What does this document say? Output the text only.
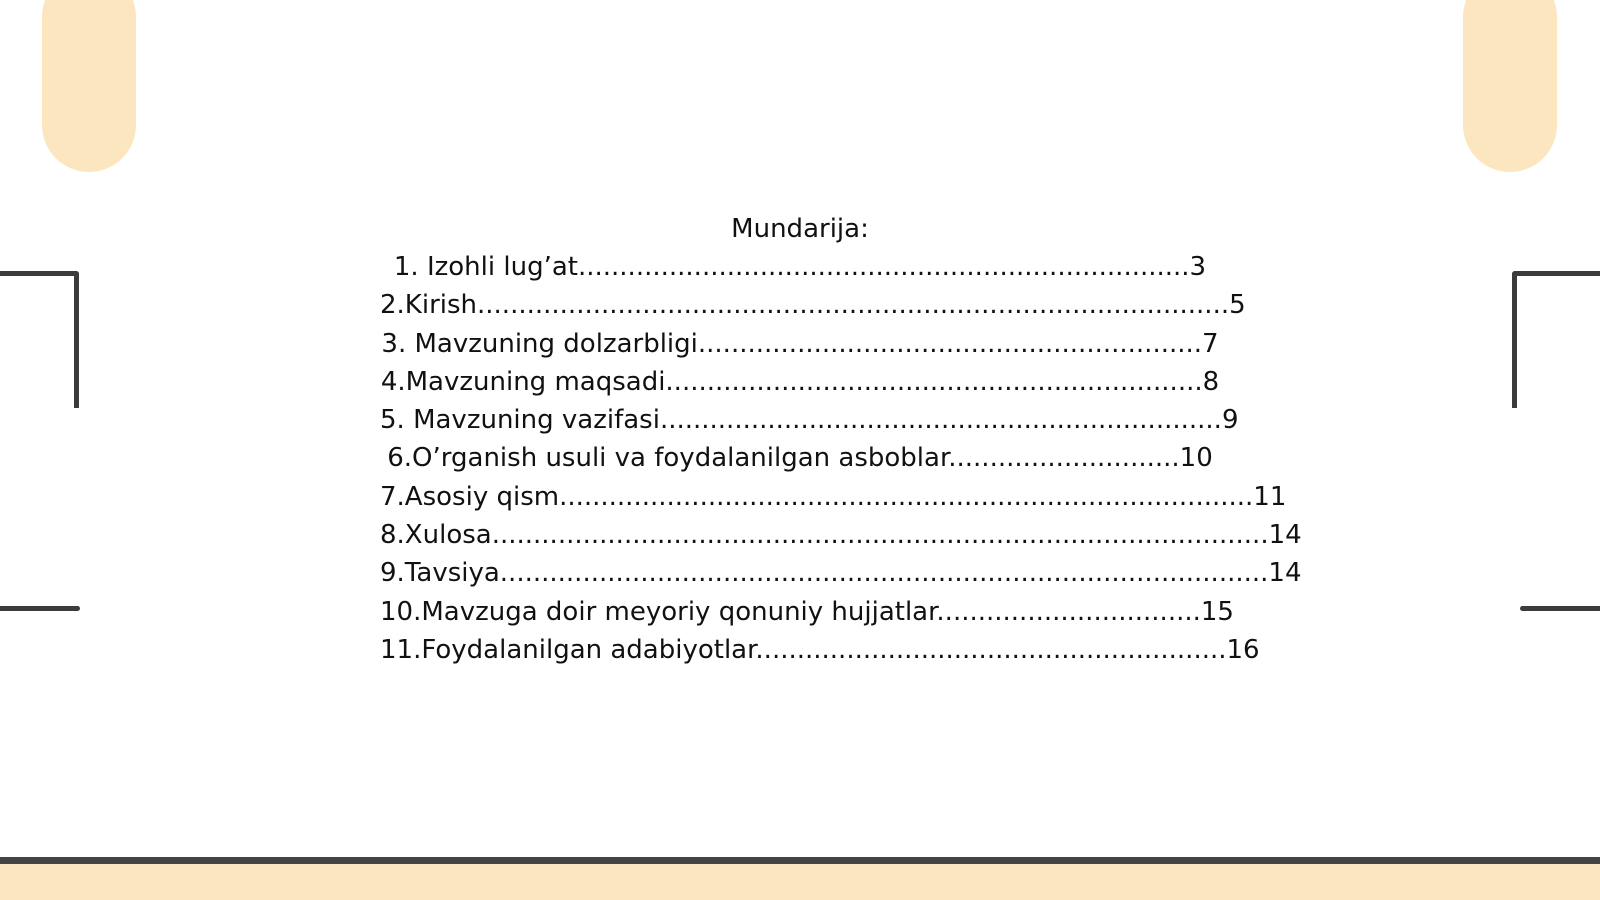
Mundarija:
1. Izohli lug’at..........................................................................3
2.Kirish...........................................................................................5
3. Mavzuning dolzarbligi.............................................................7
4.Mavzuning maqsadi.................................................................8
5. Mavzuning vazifasi....................................................................9
6.O’rganish usuli va foydalanilgan asboblar............................10
7.Asosiy qism....................................................................................11
8.Xulosa..............................................................................................14
9.Tavsiya.............................................................................................14
10.Mavzuga doir meyoriy qonuniy hujjatlar................................15
11.Foydalanilgan adabiyotlar.........................................................16
